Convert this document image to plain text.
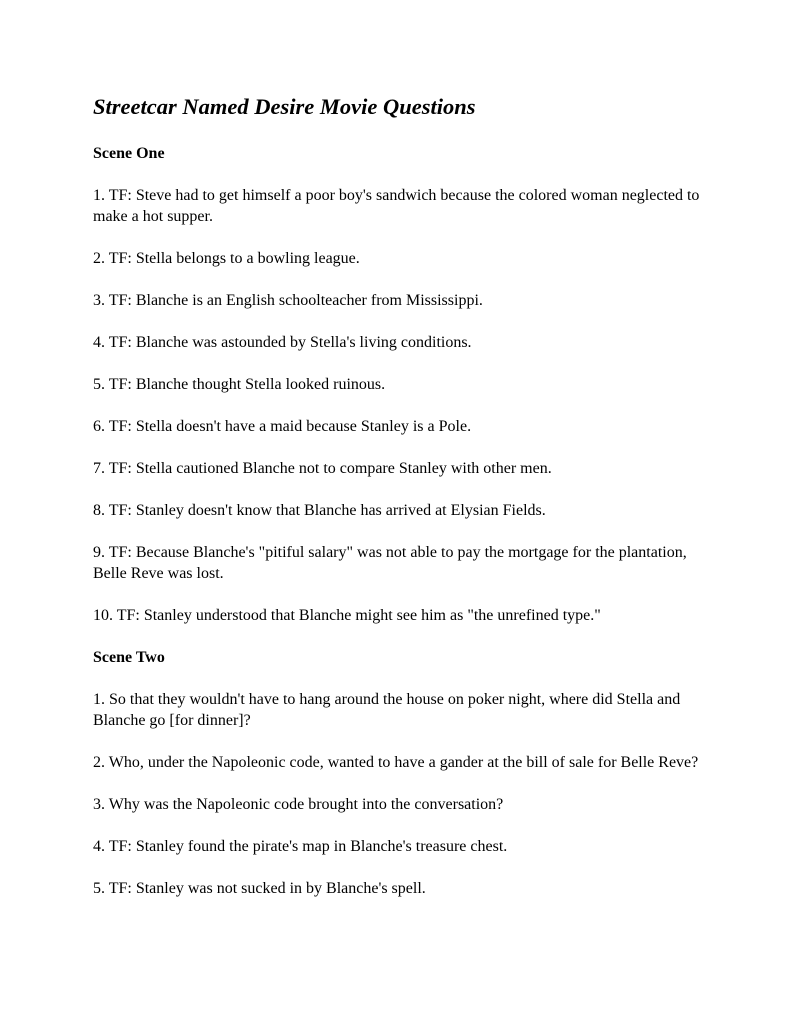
Streetcar Named Desire Movie Questions

Scene One

1. TF: Steve had to get himself a poor boy's sandwich because the colored woman neglected to make a hot supper.

2. TF: Stella belongs to a bowling league.

3. TF: Blanche is an English schoolteacher from Mississippi.

4. TF: Blanche was astounded by Stella's living conditions.

5. TF: Blanche thought Stella looked ruinous.

6. TF: Stella doesn't have a maid because Stanley is a Pole.

7. TF: Stella cautioned Blanche not to compare Stanley with other men.

8. TF: Stanley doesn't know that Blanche has arrived at Elysian Fields.

9. TF: Because Blanche's "pitiful salary" was not able to pay the mortgage for the plantation, Belle Reve was lost.

10. TF: Stanley understood that Blanche might see him as "the unrefined type."

Scene Two

1. So that they wouldn't have to hang around the house on poker night, where did Stella and Blanche go [for dinner]?

2. Who, under the Napoleonic code, wanted to have a gander at the bill of sale for Belle Reve?

3. Why was the Napoleonic code brought into the conversation?

4. TF: Stanley found the pirate's map in Blanche's treasure chest.

5. TF: Stanley was not sucked in by Blanche's spell.
